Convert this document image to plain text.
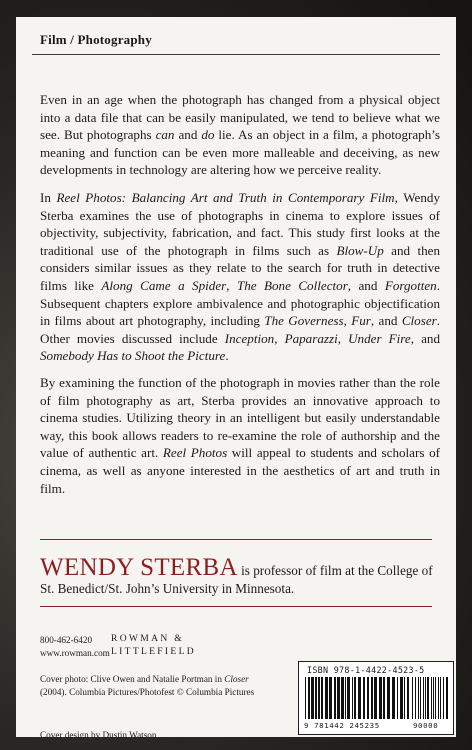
Film / Photography

Even in an age when the photograph has changed from a physical object into a data file that can be easily manipulated, we tend to believe what we see. But photographs can and do lie. As an object in a film, a photograph’s meaning and function can be even more malleable and deceiving, as new developments in technology are altering how we perceive reality.

In Reel Photos: Balancing Art and Truth in Contemporary Film, Wendy Sterba examines the use of photographs in cinema to explore issues of objectivity, subjectivity, fabrication, and fact. This study first looks at the traditional use of the photograph in films such as Blow-Up and then considers similar issues as they relate to the search for truth in detective films like Along Came a Spider, The Bone Collector, and Forgotten. Subsequent chapters explore ambivalence and photographic objectification in films about art photography, including The Governess, Fur, and Closer. Other movies discussed include Inception, Paparazzi, Under Fire, and Somebody Has to Shoot the Picture.

By examining the function of the photograph in movies rather than the role of film photography as art, Sterba provides an innovative approach to cinema studies. Utilizing theory in an intelligent but easily understandable way, this book allows readers to re-examine the role of authorship and the value of authentic art. Reel Photos will appeal to students and scholars of cinema, as well as anyone interested in the aesthetics of art and truth in film.

WENDY STERBA is professor of film at the College of St. Benedict/St. John’s University in Minnesota.
800-462-6420
www.rowman.com
ROWMAN &
LITTLEFIELD
Cover photo: Clive Owen and Natalie Portman in Closer (2004). Columbia Pictures/Photofest © Columbia Pictures
Cover design by Dustin Watson
ISBN 978-1-4422-4523-5
9 781442 245235	90000
